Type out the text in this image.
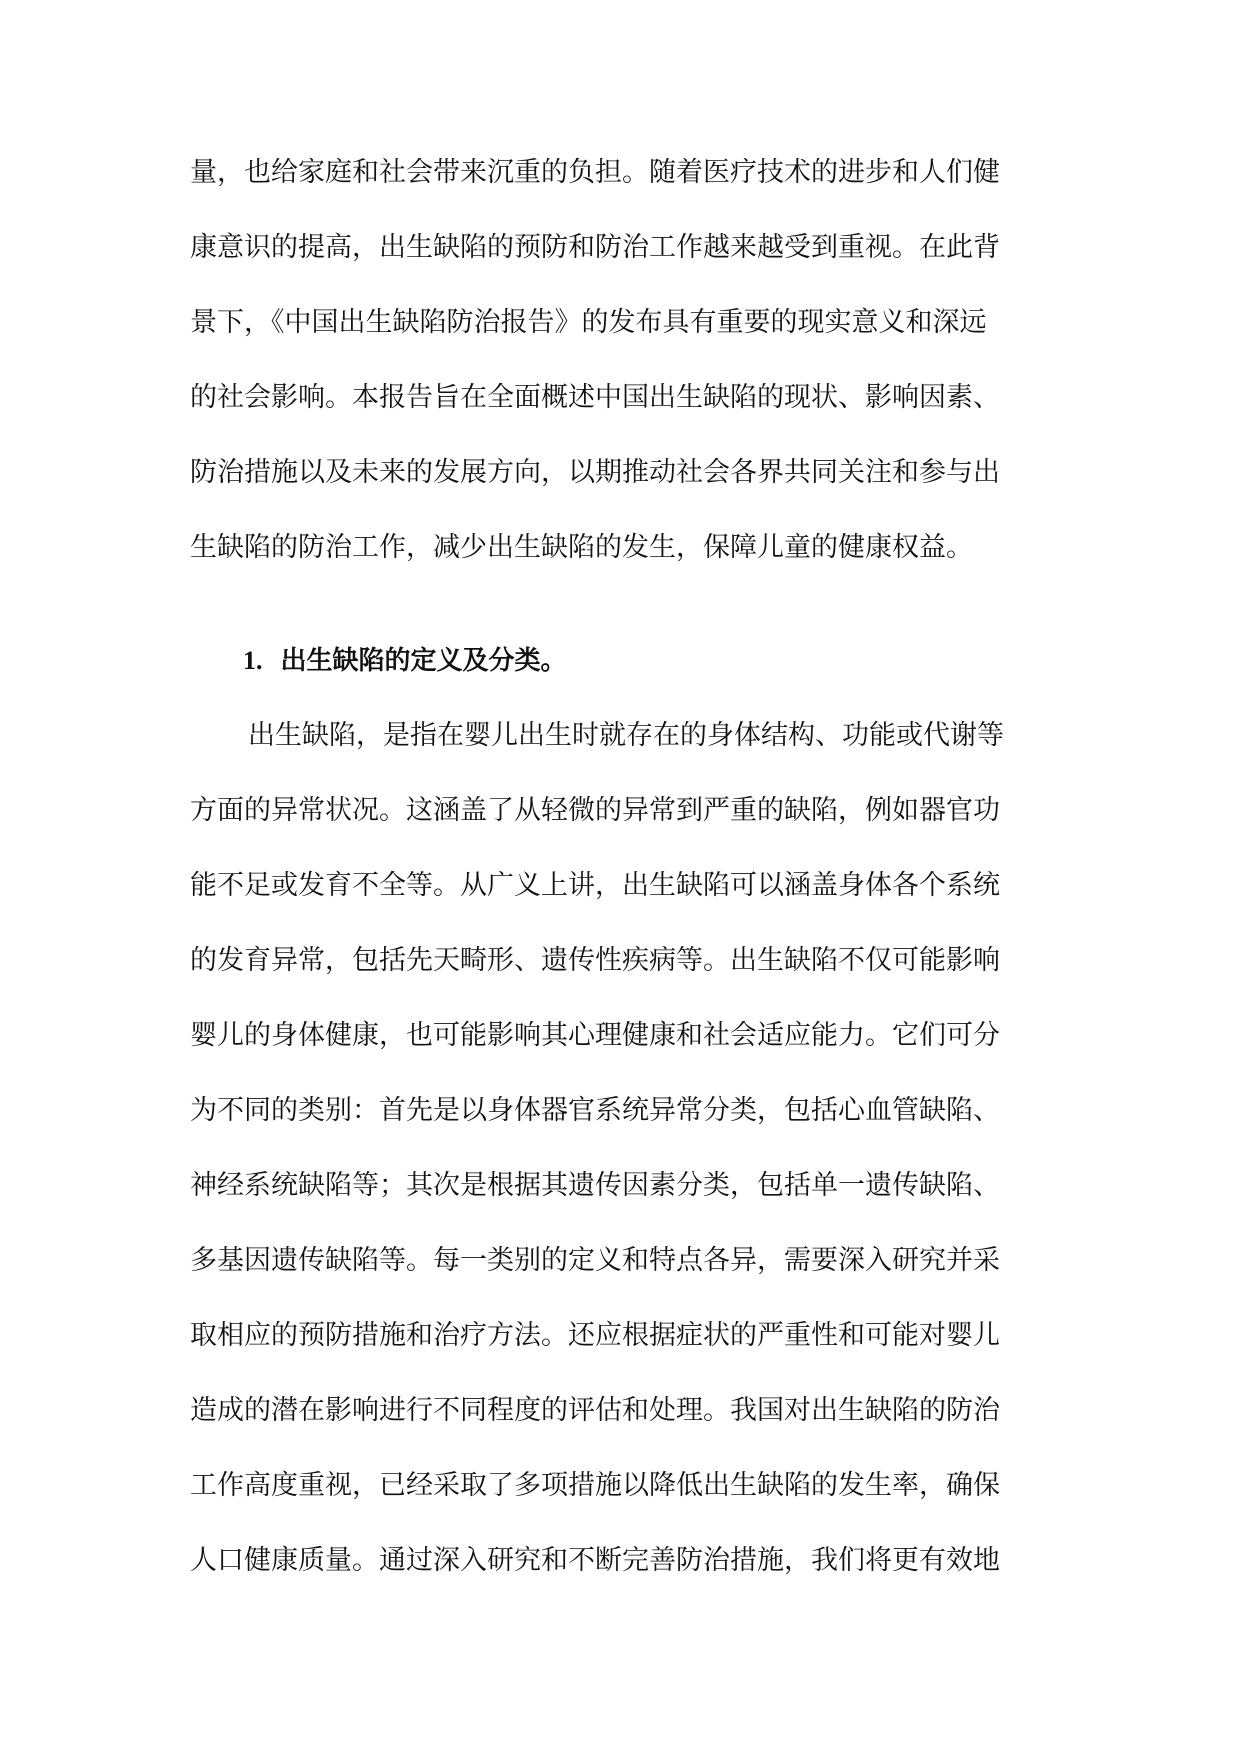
量，也给家庭和社会带来沉重的负担。随着医疗技术的进步和人们健
康意识的提高，出生缺陷的预防和防治工作越来越受到重视。在此背
景下，《中国出生缺陷防治报告》的发布具有重要的现实意义和深远
的社会影响。本报告旨在全面概述中国出生缺陷的现状、影响因素、
防治措施以及未来的发展方向，以期推动社会各界共同关注和参与出
生缺陷的防治工作，减少出生缺陷的发生，保障儿童的健康权益。
1. 出生缺陷的定义及分类。
出生缺陷，是指在婴儿出生时就存在的身体结构、功能或代谢等
方面的异常状况。这涵盖了从轻微的异常到严重的缺陷，例如器官功
能不足或发育不全等。从广义上讲，出生缺陷可以涵盖身体各个系统
的发育异常，包括先天畸形、遗传性疾病等。出生缺陷不仅可能影响
婴儿的身体健康，也可能影响其心理健康和社会适应能力。它们可分
为不同的类别：首先是以身体器官系统异常分类，包括心血管缺陷、
神经系统缺陷等；其次是根据其遗传因素分类，包括单一遗传缺陷、
多基因遗传缺陷等。每一类别的定义和特点各异，需要深入研究并采
取相应的预防措施和治疗方法。还应根据症状的严重性和可能对婴儿
造成的潜在影响进行不同程度的评估和处理。我国对出生缺陷的防治
工作高度重视，已经采取了多项措施以降低出生缺陷的发生率，确保
人口健康质量。通过深入研究和不断完善防治措施，我们将更有效地
